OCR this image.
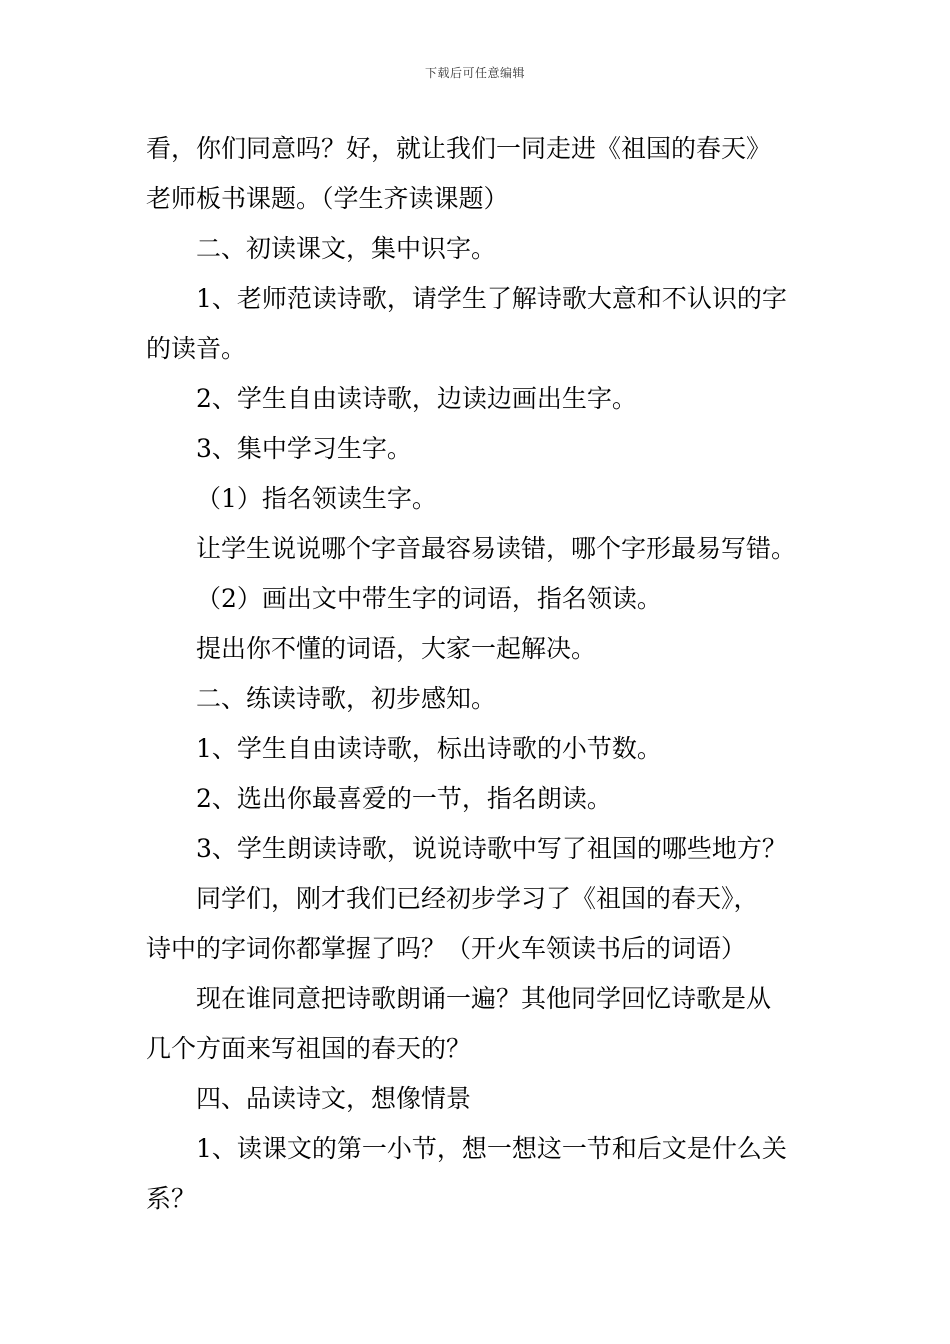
下载后可任意编辑
看，你们同意吗？好，就让我们一同走进《祖国的春天》
老师板书课题。（学生齐读课题）
二、初读课文，集中识字。
1、老师范读诗歌，请学生了解诗歌大意和不认识的字
的读音。
2、学生自由读诗歌，边读边画出生字。
3、集中学习生字。
（1）指名领读生字。
让学生说说哪个字音最容易读错，哪个字形最易写错。
（2）画出文中带生字的词语，指名领读。
提出你不懂的词语，大家一起解决。
二、练读诗歌，初步感知。
1、学生自由读诗歌，标出诗歌的小节数。
2、选出你最喜爱的一节，指名朗读。
3、学生朗读诗歌，说说诗歌中写了祖国的哪些地方？
同学们，刚才我们已经初步学习了《祖国的春天》，
诗中的字词你都掌握了吗？（开火车领读书后的词语）
现在谁同意把诗歌朗诵一遍？其他同学回忆诗歌是从
几个方面来写祖国的春天的？
四、品读诗文，想像情景
1、读课文的第一小节，想一想这一节和后文是什么关
系？
